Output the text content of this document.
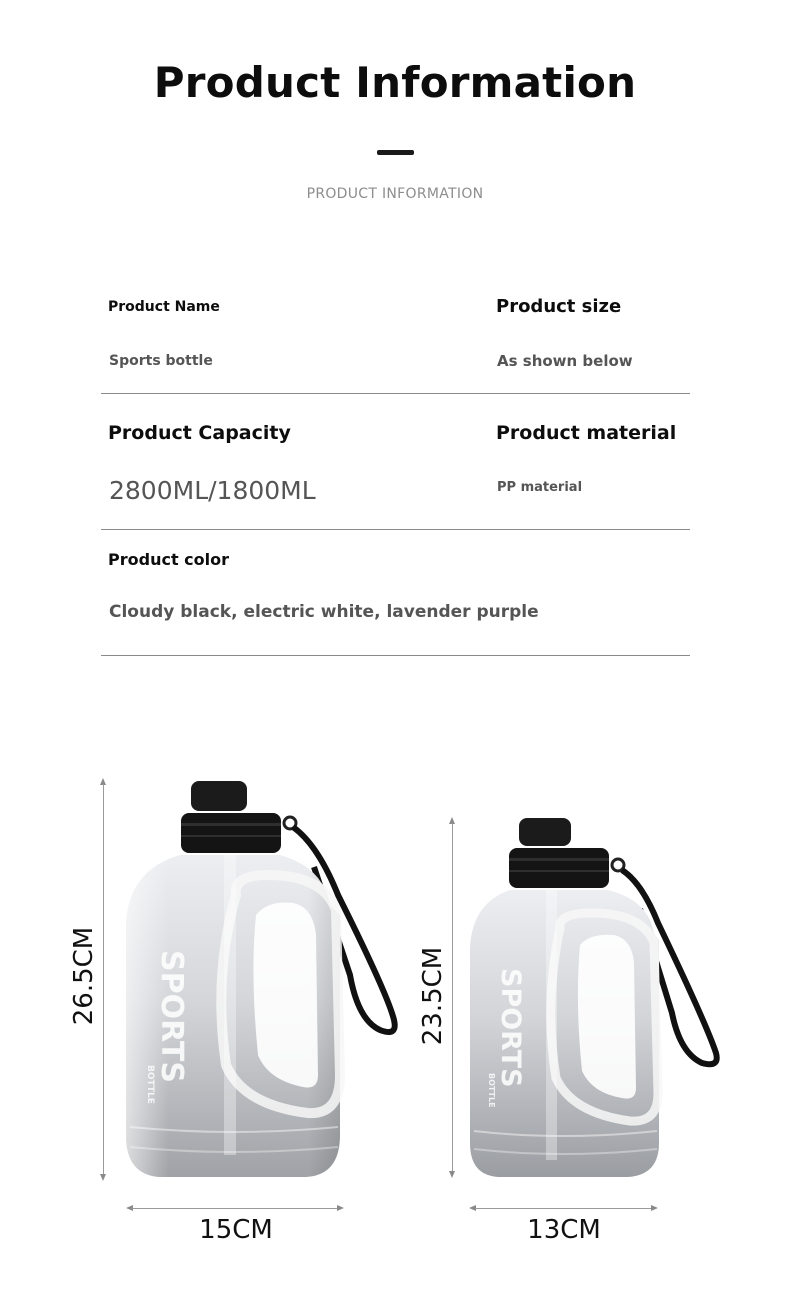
Product Information
PRODUCT INFORMATION
Product Name
Sports bottle
Product size
As shown below
Product Capacity
2800ML/1800ML
Product material
PP material
Product color
Cloudy black, electric white, lavender purple
26.5CM
15CM
23.5CM
13CM
SPORTS
BOTTLE	SPORTS
BOTTLE
